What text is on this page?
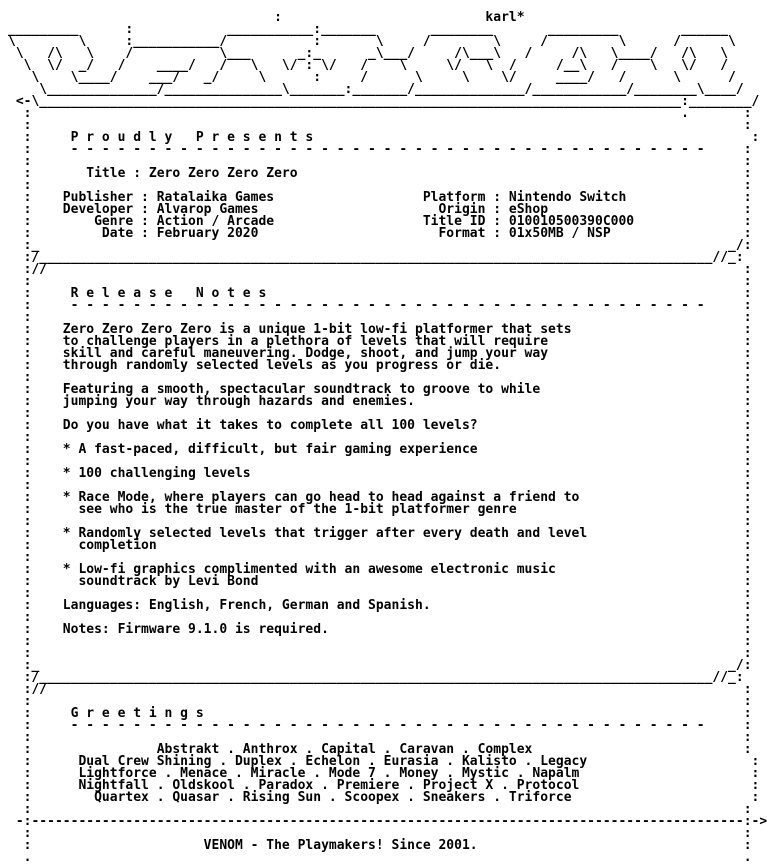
:                          karl*
_________      :            ___________:_______       ________       _________        ______
\        \     :___________/           :       \     /        \     /         \      /      \
\   /\   \    /           \___      _:_      _\___/     /\___\   /     /\   \____/   /\   \
\  \/  _/   /    ____/   /   \   \/ : \/   /    \     \/   \  /     /__\   /    \   \/   /
\    \____/    ___/   _/     \      :     /      \     \    \/     ____/   /      \      /
\______________/_______________\_______:_______/______________/____________/________\____/
<-\__________________________________________________________________________________:________/
:                                                                                   .       :
:                                                                                           :
:     P r o u d l y   P r e s e n t s                                                        :
:     - - - - - - - - - - - - - - - - - - - - - - - - - - - - - - - - - - - - - - - - -     :
:                                                                                           :
:       Title : Zero Zero Zero Zero                                                         :
:                                                                                           :
:    Publisher : Ratalaika Games                   Platform : Nintendo Switch               :
:    Developer : Alvarop Games                       Origin : eShop                         :
:        Genre : Action / Arcade                   Title ID : 010010500390C000              :
:         Date : February 2020                       Format : 01x50MB / NSP                 :
:_                                                                                        _/:
:/______________________________________________________________________________________//_:
://                                                                                         :
:                                                                                           :
:     R e l e a s e   N o t e s                                                             :
:     - - - - - - - - - - - - - - - - - - - - - - - - - - - - - - - - - - - - - - - - -     :
:                                                                                           :
:    Zero Zero Zero Zero is a unique 1-bit low-fi platformer that sets                      :
:    to challenge players in a plethora of levels that will require                         :
:    skill and careful maneuvering. Dodge, shoot, and jump your way                         :
:    through randomly selected levels as you progress or die.                               :
:                                                                                           :
:    Featuring a smooth, spectacular soundtrack to groove to while                          :
:    jumping your way through hazards and enemies.                                          :
:                                                                                           :
:    Do you have what it takes to complete all 100 levels?                                  :
:                                                                                           :
:    * A fast-paced, difficult, but fair gaming experience                                  :
:                                                                                           :
:    * 100 challenging levels                                                               :
:                                                                                           :
:    * Race Mode, where players can go head to head against a friend to                     :
:      see who is the true master of the 1-bit platformer genre                             :
:                                                                                           :
:    * Randomly selected levels that trigger after every death and level                    :
:      completion                                                                           :
:                                                                                           :
:    * Low-fi graphics complimented with an awesome electronic music                        :
:      soundtrack by Levi Bond                                                              :
:                                                                                           :
:    Languages: English, French, German and Spanish.                                        :
:                                                                                           :
:    Notes: Firmware 9.1.0 is required.                                                     :
:                                                                                           :
:                                                                                           :
:_                                                                                        _/:
:/______________________________________________________________________________________//_:
://                                                                                         :
:                                                                                           :
:     G r e e t i n g s                                                                     :
:     - - - - - - - - - - - - - - - - - - - - - - - - - - - - - - - - - - - - - - - - -     :
:                                                                                           :
:                Abstrakt . Anthrox . Capital . Caravan . Complex                           :
:      Dual Crew Shining . Duplex . Echelon . Eurasia . Kalisto . Legacy                     :
:      Lightforce . Menace . Miracle . Mode 7 . Money . Mystic . Napalm                      :
:      Nightfall . Oldskool . Paradox . Premiere . Project X . Protocol                      :
:        Quartex . Quasar . Rising Sun . Scoopex . Sneakers . Triforce                       :
:                                                                                           :
-:-------------------------------------------------------------------------------------------:->
:                                                                                           :
:                      VENOM - The Playmakers! Since 2001.                                  :
.                                                                                           .
